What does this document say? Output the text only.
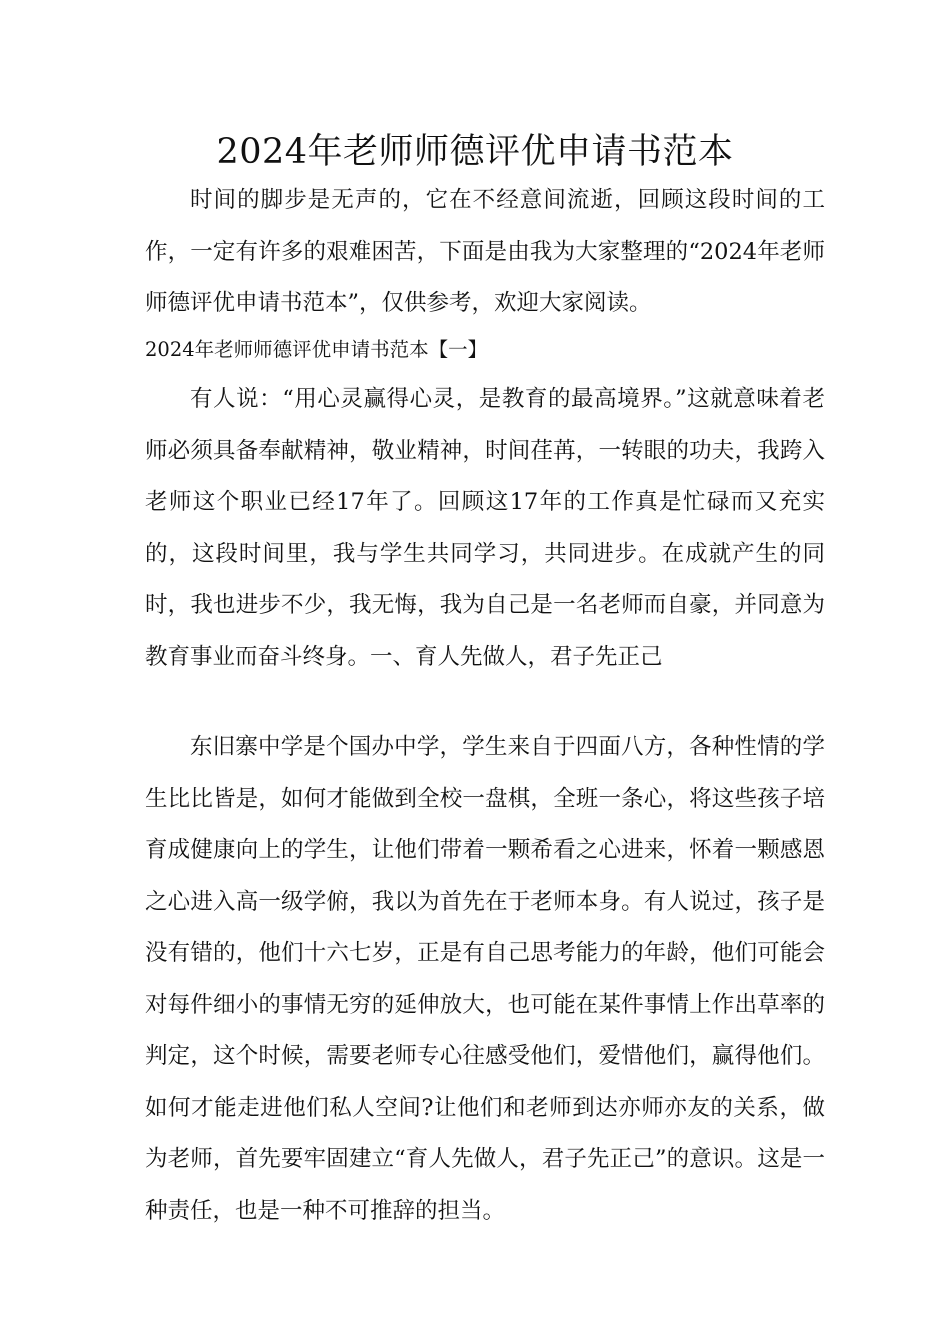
2024年老师师德评优申请书范本

时间的脚步是无声的，它在不经意间流逝，回顾这段时间的工作，一定有许多的艰难困苦，下面是由我为大家整理的“2024年老师师德评优申请书范本”，仅供参考，欢迎大家阅读。

2024年老师师德评优申请书范本【一】

有人说：“用心灵赢得心灵，是教育的最高境界。”这就意味着老师必须具备奉献精神，敬业精神，时间荏苒，一转眼的功夫，我跨入老师这个职业已经17年了。回顾这17年的工作真是忙碌而又充实的，这段时间里，我与学生共同学习，共同进步。在成就产生的同时，我也进步不少，我无悔，我为自己是一名老师而自豪，并同意为教育事业而奋斗终身。一、育人先做人，君子先正己

东旧寨中学是个国办中学，学生来自于四面八方，各种性情的学生比比皆是，如何才能做到全校一盘棋，全班一条心，将这些孩子培育成健康向上的学生，让他们带着一颗希看之心进来，怀着一颗感恩之心进入高一级学俯，我以为首先在于老师本身。有人说过，孩子是没有错的，他们十六七岁，正是有自己思考能力的年龄，他们可能会对每件细小的事情无穷的延伸放大，也可能在某件事情上作出草率的判定，这个时候，需要老师专心往感受他们，爱惜他们，赢得他们。如何才能走进他们私人空间?让他们和老师到达亦师亦友的关系，做为老师，首先要牢固建立“育人先做人，君子先正己”的意识。这是一种责任，也是一种不可推辞的担当。
